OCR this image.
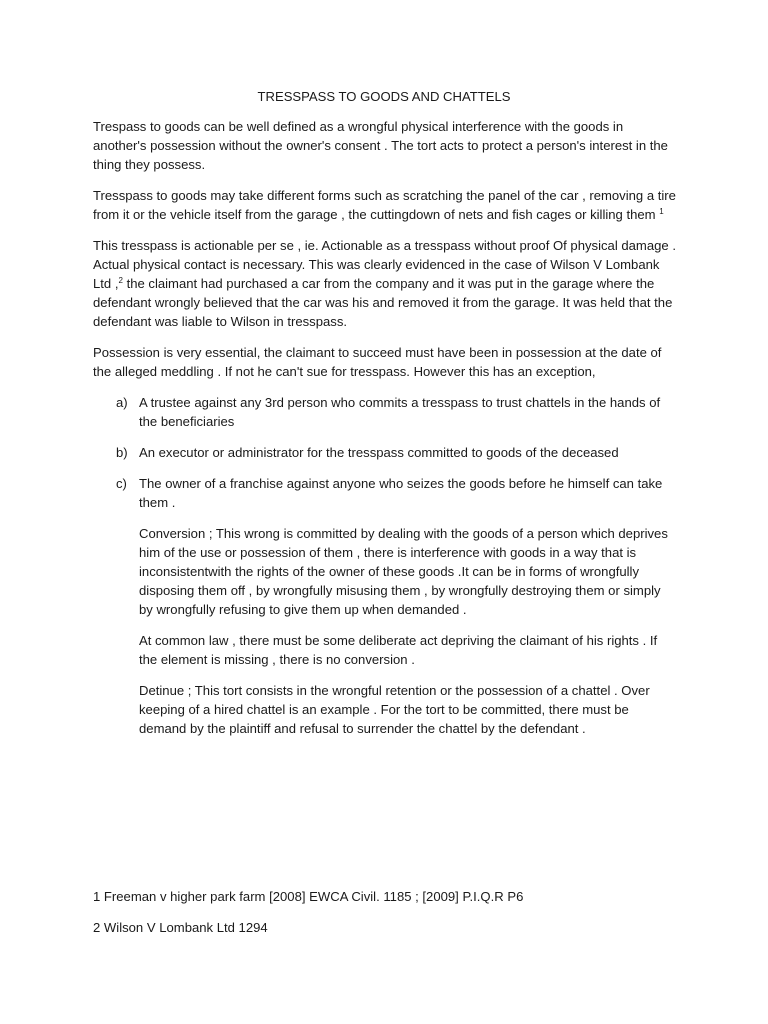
TRESSPASS TO GOODS AND CHATTELS

Trespass to goods can be well defined as a wrongful physical interference with the goods in another's possession without the owner's consent . The tort acts to protect a person's interest in the thing they possess.

Tresspass to goods may take different forms such as scratching the panel of the car , removing a tire from it or the vehicle itself from the garage , the cuttingdown of nets and fish cages or killing them $^1$

This tresspass is actionable per se , ie. Actionable as a tresspass without proof Of physical damage . Actual physical contact is necessary. This was clearly evidenced in the case of Wilson V Lombank Ltd ,$^2$ the claimant had purchased a car from the company and it was put in the garage where the defendant wrongly believed that the car was his and removed it from the garage. It was held that the defendant was liable to Wilson in tresspass.

Possession is very essential, the claimant to succeed must have been in possession at the date of the alleged meddling . If not he can't sue for tresspass. However this has an exception,

a) A trustee against any 3rd person who commits a tresspass to trust chattels in the hands of the beneficiaries
b) An executor or administrator for the tresspass committed to goods of the deceased
c) The owner of a franchise against anyone who seizes the goods before he himself can take them .

Conversion ; This wrong is committed by dealing with the goods of a person which deprives him of the use or possession of them , there is interference with goods in a way that is inconsistentwith the rights of the owner of these goods .It can be in forms of wrongfully disposing them off , by wrongfully misusing them , by wrongfully destroying them or simply by wrongfully refusing to give them up when demanded .

At common law , there must be some deliberate act depriving the claimant of his rights . If the element is missing , there is no conversion .

Detinue ; This tort consists in the wrongful retention or the possession of a chattel . Over keeping of a hired chattel is an example . For the tort to be committed, there must be demand by the plaintiff and refusal to surrender the chattel by the defendant .

1 Freeman v higher park farm [2008] EWCA Civil. 1185 ; [2009] P.I.Q.R P6

2 Wilson V Lombank Ltd 1294
